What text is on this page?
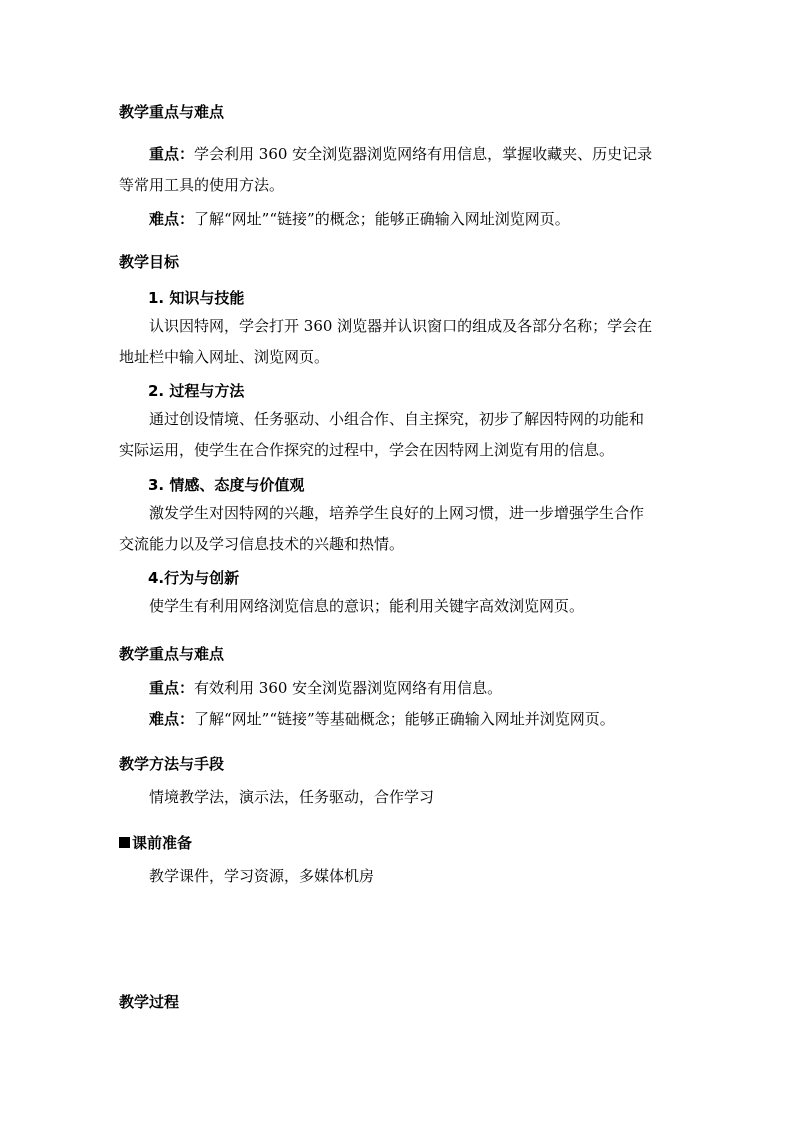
教学重点与难点
重点：学会利用 360 安全浏览器浏览网络有用信息，掌握收藏夹、历史记录
等常用工具的使用方法。
难点：了解“网址”“链接”的概念；能够正确输入网址浏览网页。
教学目标
1. 知识与技能
认识因特网，学会打开 360 浏览器并认识窗口的组成及各部分名称；学会在
地址栏中输入网址、浏览网页。
2. 过程与方法
通过创设情境、任务驱动、小组合作、自主探究，初步了解因特网的功能和
实际运用，使学生在合作探究的过程中，学会在因特网上浏览有用的信息。
3. 情感、态度与价值观
激发学生对因特网的兴趣，培养学生良好的上网习惯，进一步增强学生合作
交流能力以及学习信息技术的兴趣和热情。
4.行为与创新
使学生有利用网络浏览信息的意识；能利用关键字高效浏览网页。
教学重点与难点
重点：有效利用 360 安全浏览器浏览网络有用信息。
难点：了解“网址”“链接”等基础概念；能够正确输入网址并浏览网页。
教学方法与手段
情境教学法，演示法，任务驱动，合作学习
课前准备
教学课件，学习资源，多媒体机房
教学过程
